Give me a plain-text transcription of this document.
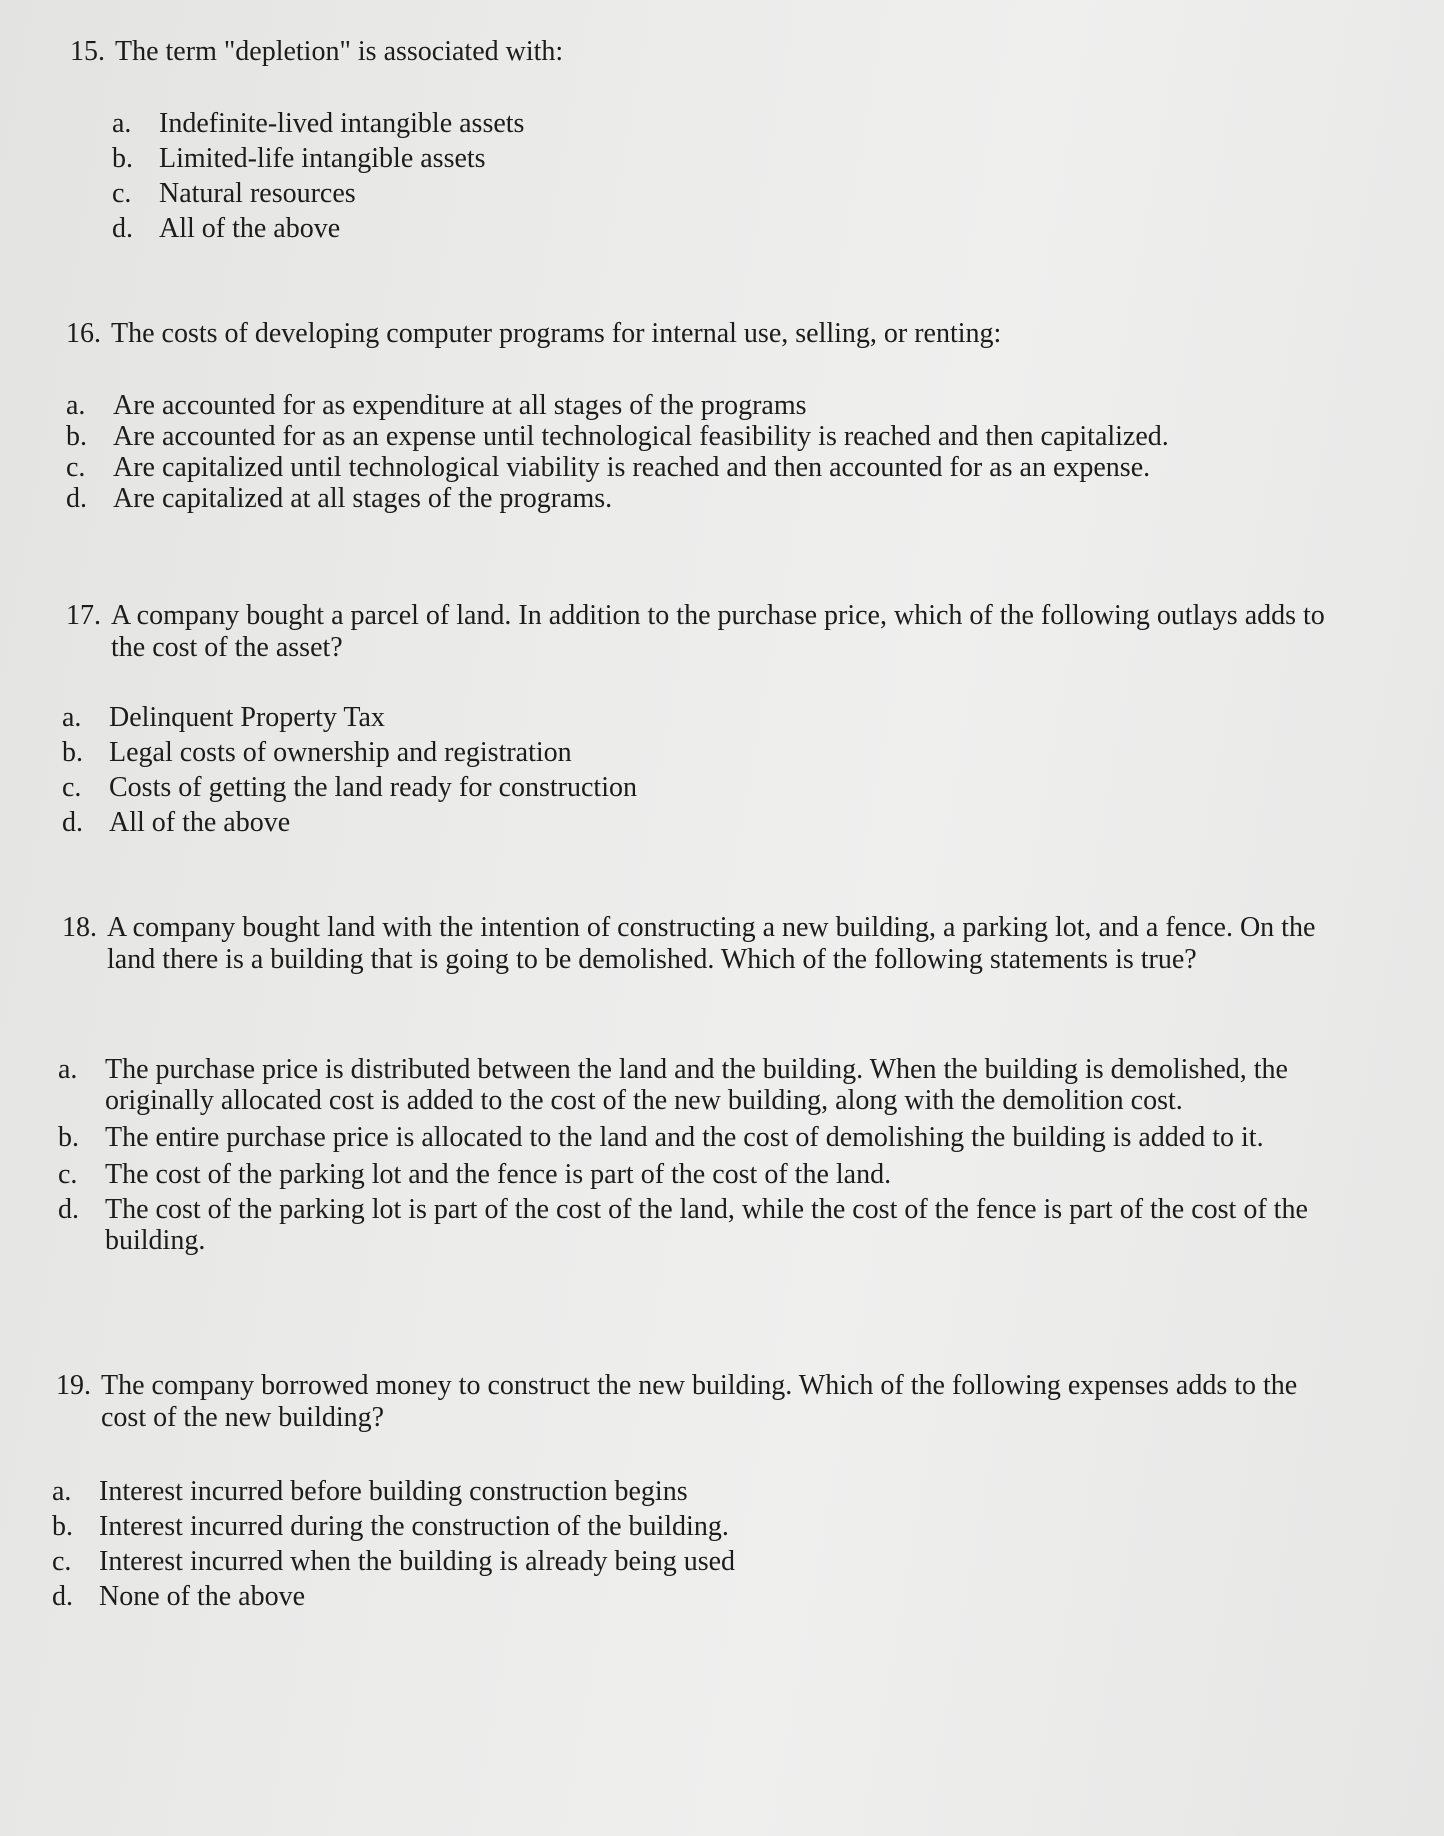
15. The term "depletion" is associated with:
a. Indefinite-lived intangible assets
b. Limited-life intangible assets
c. Natural resources
d. All of the above
16. The costs of developing computer programs for internal use, selling, or renting:
a. Are accounted for as expenditure at all stages of the programs
b. Are accounted for as an expense until technological feasibility is reached and then capitalized.
c. Are capitalized until technological viability is reached and then accounted for as an expense.
d. Are capitalized at all stages of the programs.
17. A company bought a parcel of land. In addition to the purchase price, which of the following outlays adds to the cost of the asset?
a. Delinquent Property Tax
b. Legal costs of ownership and registration
c. Costs of getting the land ready for construction
d. All of the above
18. A company bought land with the intention of constructing a new building, a parking lot, and a fence. On the land there is a building that is going to be demolished. Which of the following statements is true?
a. The purchase price is distributed between the land and the building. When the building is demolished, the originally allocated cost is added to the cost of the new building, along with the demolition cost.
b. The entire purchase price is allocated to the land and the cost of demolishing the building is added to it.
c. The cost of the parking lot and the fence is part of the cost of the land.
d. The cost of the parking lot is part of the cost of the land, while the cost of the fence is part of the cost of the building.
19. The company borrowed money to construct the new building. Which of the following expenses adds to the cost of the new building?
a. Interest incurred before building construction begins
b. Interest incurred during the construction of the building.
c. Interest incurred when the building is already being used
d. None of the above
